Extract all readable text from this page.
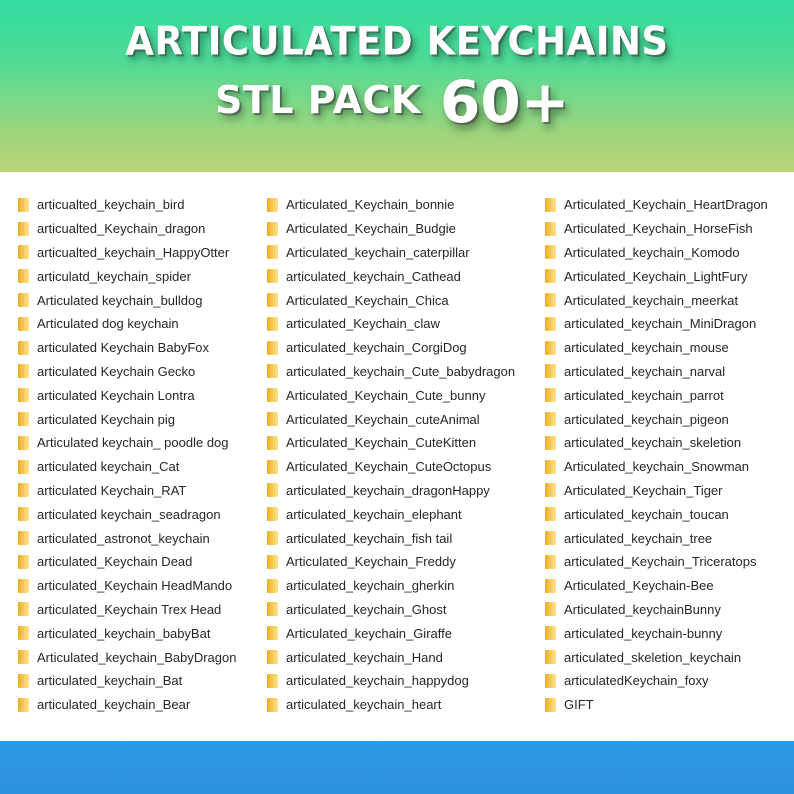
ARTICULATED KEYCHAINS
STL PACK 60+
articualted_keychain_bird
articualted_Keychain_dragon
articualted_keychain_HappyOtter
articulatd_keychain_spider
Articulated keychain_bulldog
Articulated dog keychain
articulated Keychain BabyFox
articulated Keychain Gecko
articulated Keychain Lontra
articulated Keychain pig
Articulated keychain_ poodle dog
articulated keychain_Cat
articulated Keychain_RAT
articulated keychain_seadragon
articulated_astronot_keychain
articulated_Keychain Dead
articulated_Keychain HeadMando
articulated_Keychain Trex Head
articulated_keychain_babyBat
Articulated_keychain_BabyDragon
articulated_keychain_Bat
articulated_keychain_Bear
Articulated_Keychain_bonnie
Articulated_Keychain_Budgie
Articulated_keychain_caterpillar
articulated_keychain_Cathead
Articulated_Keychain_Chica
articulated_Keychain_claw
articulated_keychain_CorgiDog
articulated_keychain_Cute_babydragon
Articulated_Keychain_Cute_bunny
Articulated_Keychain_cuteAnimal
Articulated_Keychain_CuteKitten
Articulated_Keychain_CuteOctopus
articulated_keychain_dragonHappy
articulated_keychain_elephant
articulated_keychain_fish tail
Articulated_Keychain_Freddy
articulated_keychain_gherkin
articulated_keychain_Ghost
Articulated_keychain_Giraffe
articulated_keychain_Hand
articulated_keychain_happydog
articulated_keychain_heart
Articulated_Keychain_HeartDragon
Articulated_Keychain_HorseFish
Articulated_keychain_Komodo
Articulated_Keychain_LightFury
Articulated_keychain_meerkat
articulated_keychain_MiniDragon
articulated_keychain_mouse
articulated_keychain_narval
articulated_keychain_parrot
articulated_keychain_pigeon
articulated_keychain_skeletion
Articulated_keychain_Snowman
Articulated_Keychain_Tiger
articulated_keychain_toucan
articulated_keychain_tree
articulated_Keychain_Triceratops
Articulated_Keychain-Bee
Articulated_keychainBunny
articulated_keychain-bunny
articulated_skeletion_keychain
articulatedKeychain_foxy
GIFT
